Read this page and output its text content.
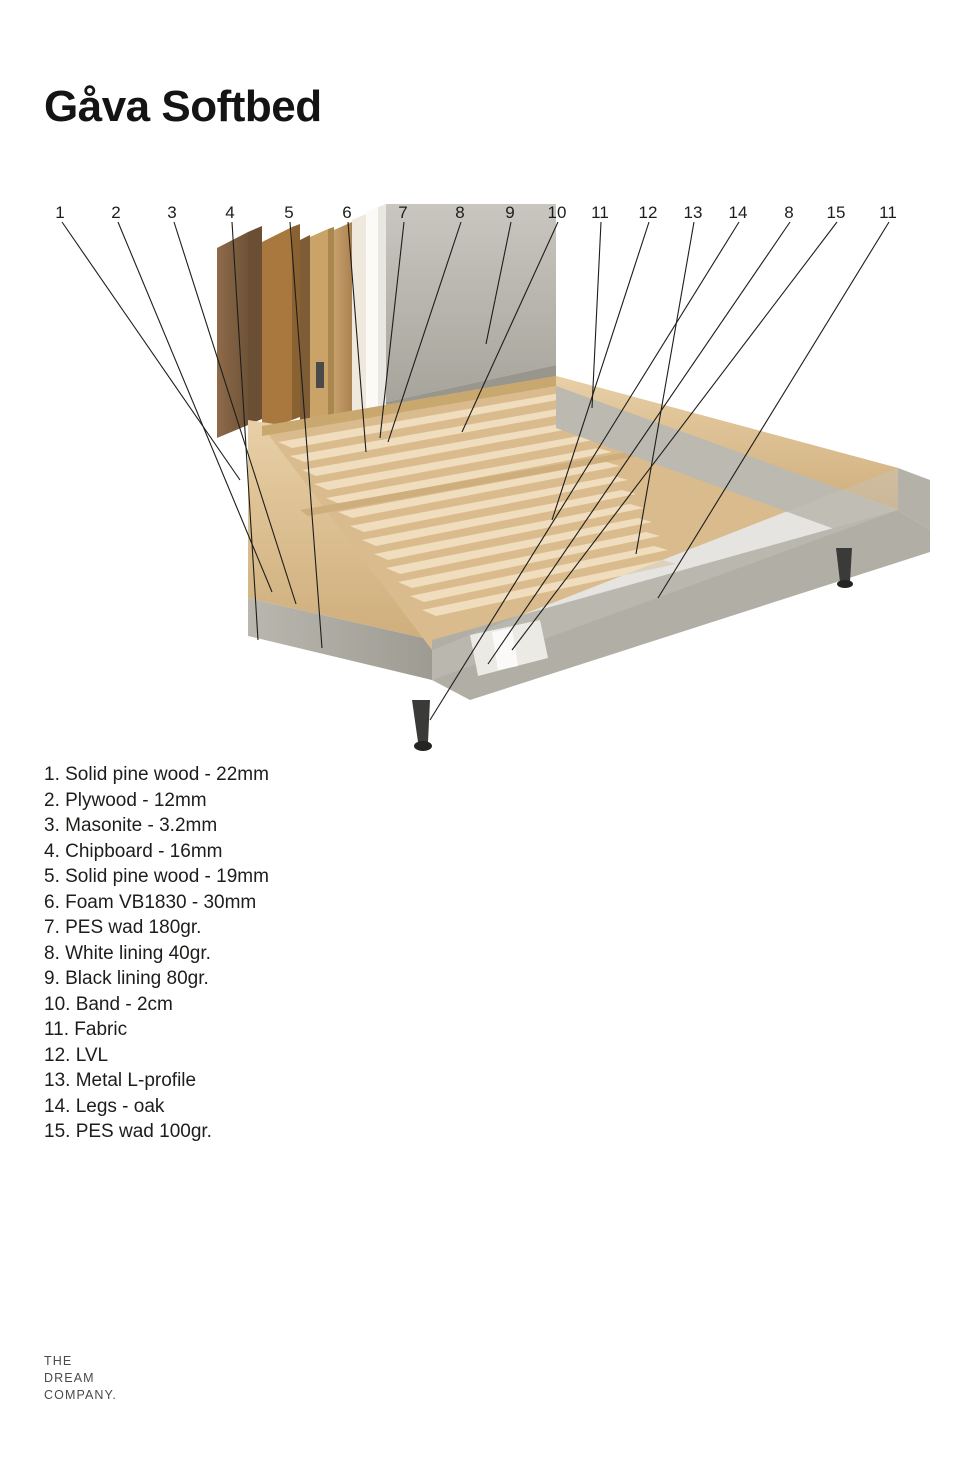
Gåva Softbed
1	2	3	4	5	6	7	8 9 10 11 12 13 14 8 15 11
1. Solid pine wood - 22mm
2. Plywood - 12mm
3. Masonite - 3.2mm
4. Chipboard - 16mm
5. Solid pine wood - 19mm
6. Foam VB1830 - 30mm
7. PES wad 180gr.
8. White lining 40gr.
9. Black lining 80gr.
10. Band - 2cm
11. Fabric
12. LVL
13. Metal L-profile
14. Legs - oak
15. PES wad 100gr.
THE
DREAM
COMPANY.
